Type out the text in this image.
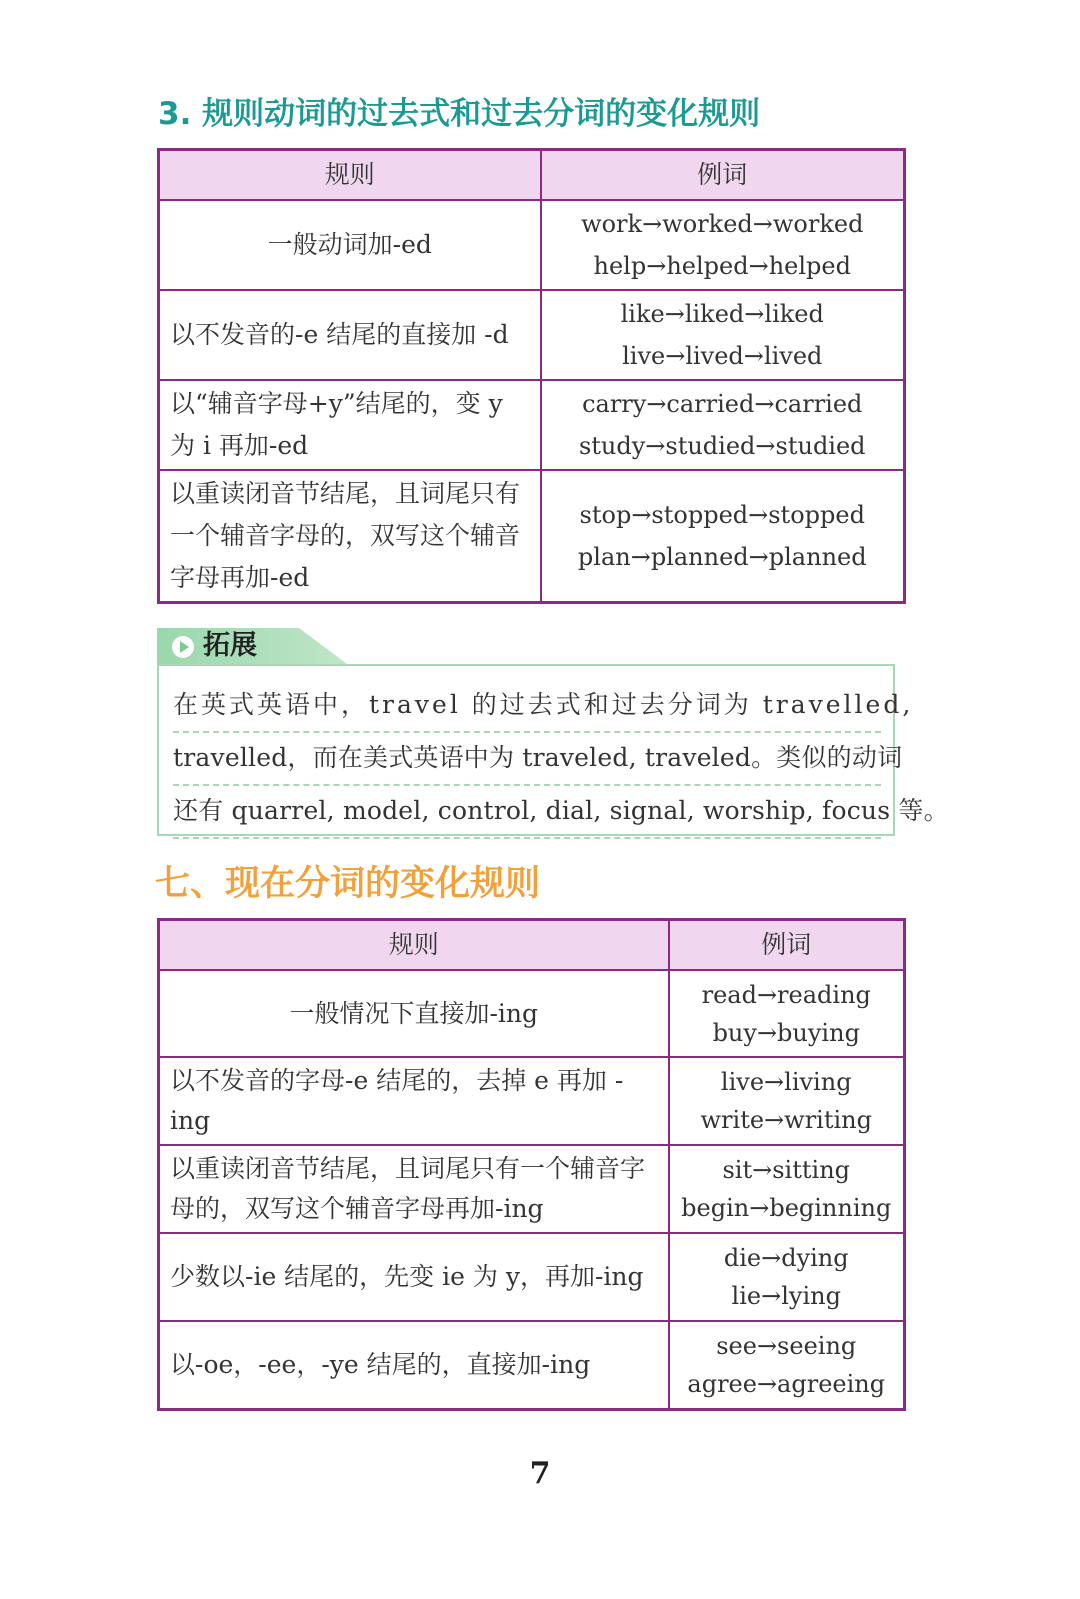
3. 规则动词的过去式和过去分词的变化规则
规则	例词
一般动词加-ed	work→worked→worked
help→helped→helped

以不发音的-e 结尾的直接加 -d	like→liked→liked
live→lived→lived

以“辅音字母+y”结尾的，变 y 为 i 再加-ed	carry→carried→carried
study→studied→studied

以重读闭音节结尾，且词尾只有一个辅音字母的，双写这个辅音字母再加-ed	stop→stopped→stopped
plan→planned→planned
拓展
在英式英语中，travel 的过去式和过去分词为 travelled,
travelled，而在美式英语中为 traveled, traveled。类似的动词
还有 quarrel, model, control, dial, signal, worship, focus 等。
七、现在分词的变化规则
规则	例词
一般情况下直接加-ing	read→reading
buy→buying

以不发音的字母-e 结尾的，去掉 e 再加 -ing	live→living
write→writing

以重读闭音节结尾，且词尾只有一个辅音字母的，双写这个辅音字母再加-ing	sit→sitting
begin→beginning

少数以-ie 结尾的，先变 ie 为 y，再加-ing	die→dying
lie→lying

以-oe，-ee，-ye 结尾的，直接加-ing	see→seeing
agree→agreeing
7
